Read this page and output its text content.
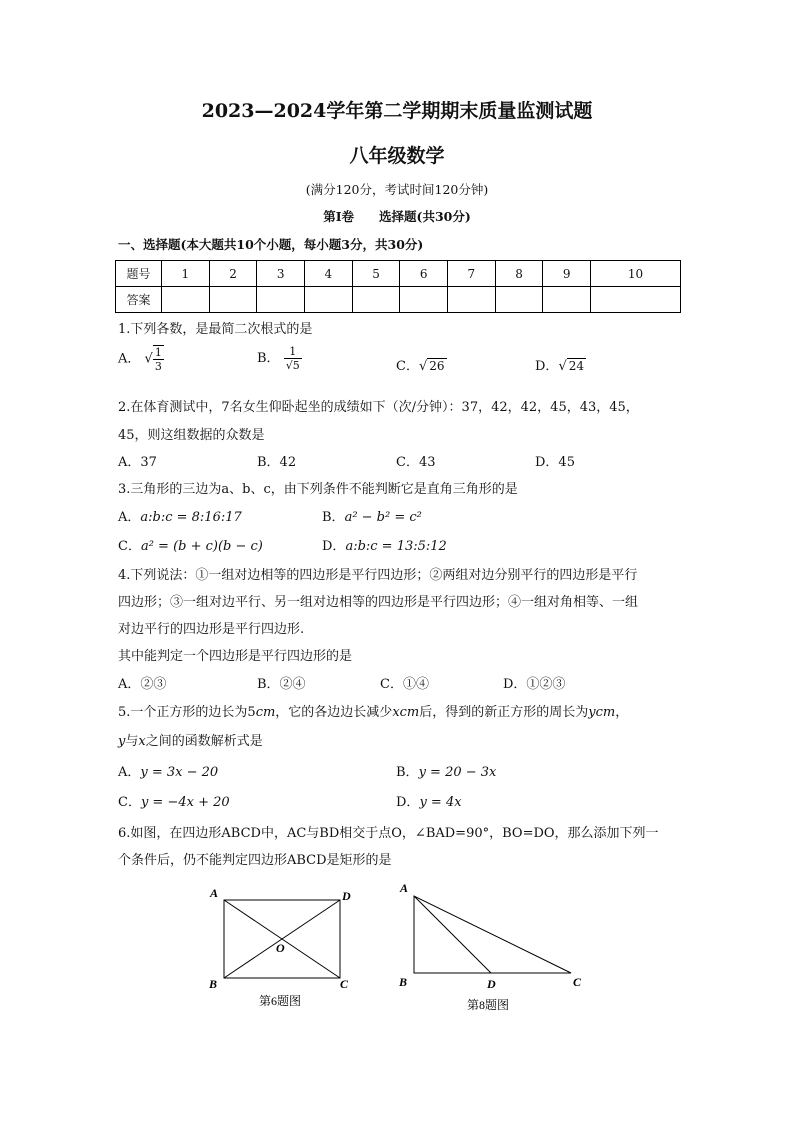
2023—2024学年第二学期期末质量监测试题
八年级数学
(满分120分，考试时间120分钟)
第Ⅰ卷　　选择题(共30分)
一、选择题(本大题共10个小题，每小题3分，共30分)
题号	1	2	3	4	5	6	7	8	9	10
答案										
1.下列各数，是最简二次根式的是
A． √ $\frac{1}{3}$	B． $\frac{1}{√5}$	C．√ 26	D．√ 24
2.在体育测试中，7名女生仰卧起坐的成绩如下（次/分钟）：37，42，42，45，43，45，
45，则这组数据的众数是
A．37	B．42	C．43	D．45
3.三角形的三边为a、b、c，由下列条件不能判断它是直角三角形的是
A．a:b:c = 8:16:17	B．a² − b² = c²
C．a² = (b + c)(b − c)	D．a:b:c = 13:5:12
4.下列说法：①一组对边相等的四边形是平行四边形；②两组对边分别平行的四边形是平行
四边形；③一组对边平行、另一组对边相等的四边形是平行四边形；④一组对角相等、一组
对边平行的四边形是平行四边形.
其中能判定一个四边形是平行四边形的是
A．②③	B．②④	C．①④	D．①②③
5.一个正方形的边长为5cm，它的各边边长减少xcm后，得到的新正方形的周长为ycm，
y与x之间的函数解析式是
A．y = 3x − 20	B．y = 20 − 3x
C．y = −4x + 20	D．y = 4x
6.如图，在四边形ABCD中，AC与BD相交于点O，∠BAD=90°，BO=DO，那么添加下列一
个条件后，仍不能判定四边形ABCD是矩形的是
A	D
B	C
O
第6题图
A
B	D	C
第8题图
